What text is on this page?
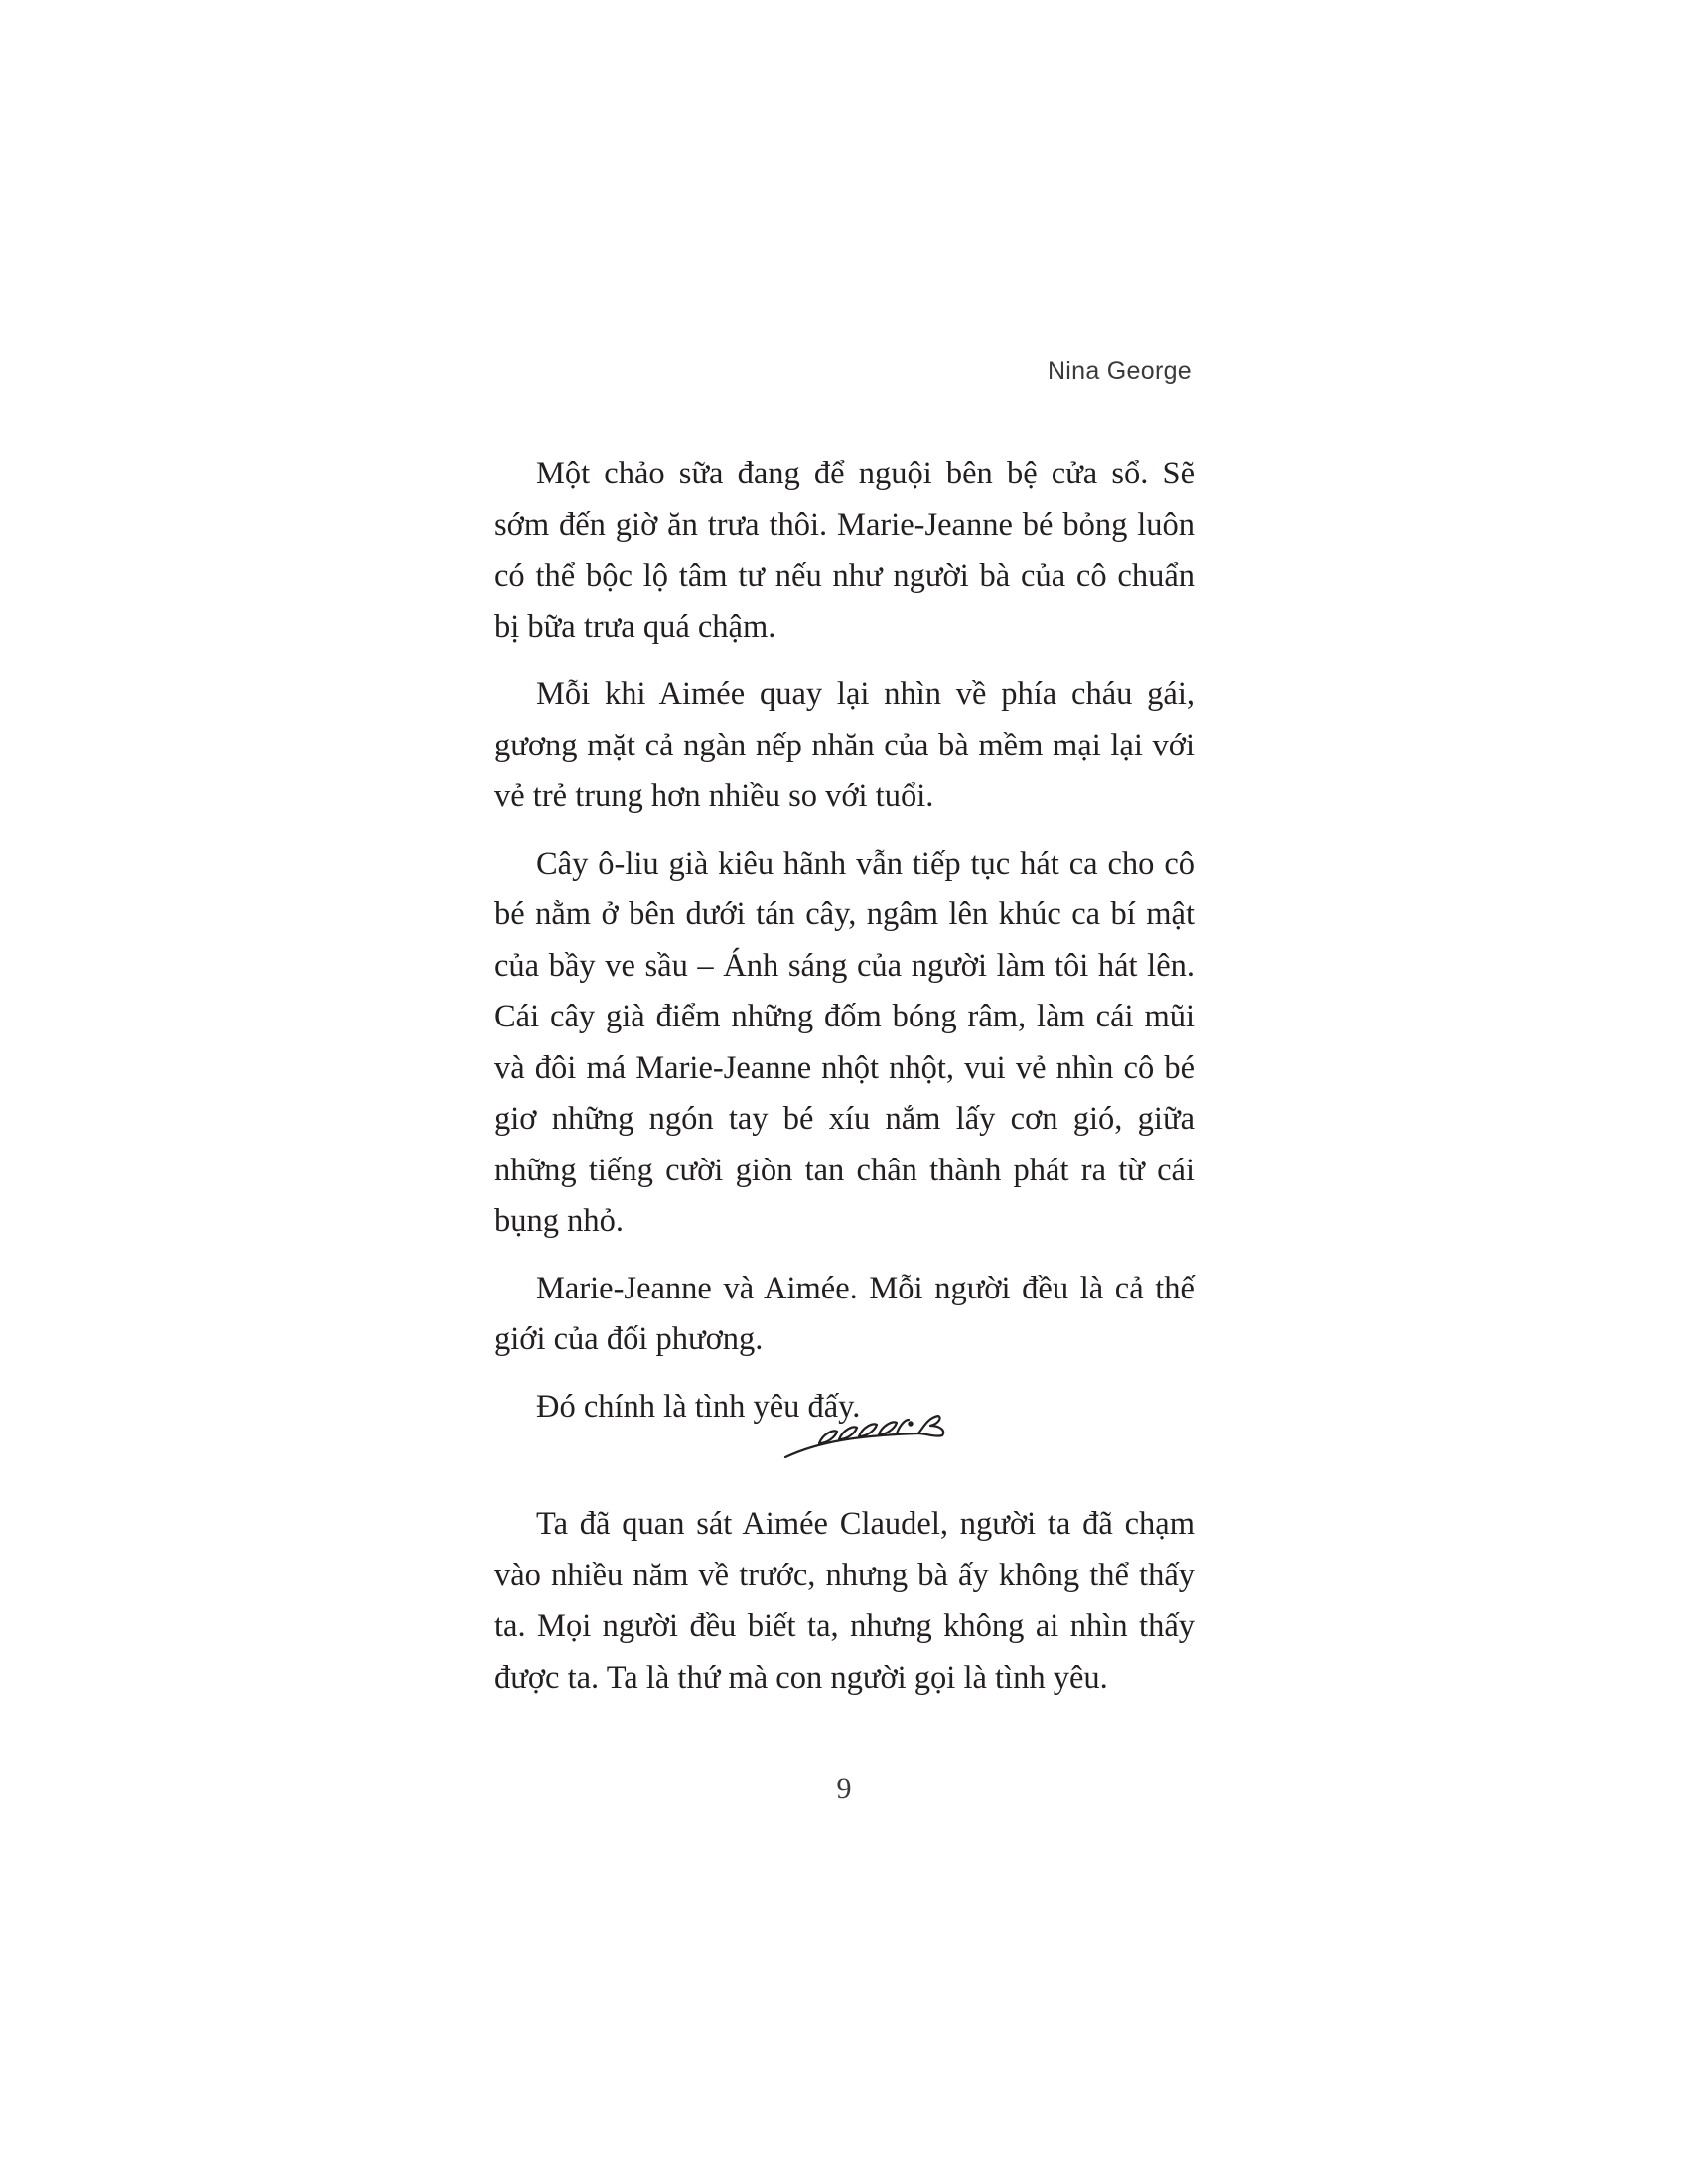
Nina George

Một chảo sữa đang để nguội bên bệ cửa sổ. Sẽ sớm đến giờ ăn trưa thôi. Marie-Jeanne bé bỏng luôn có thể bộc lộ tâm tư nếu như người bà của cô chuẩn bị bữa trưa quá chậm.

Mỗi khi Aimée quay lại nhìn về phía cháu gái, gương mặt cả ngàn nếp nhăn của bà mềm mại lại với vẻ trẻ trung hơn nhiều so với tuổi.

Cây ô-liu già kiêu hãnh vẫn tiếp tục hát ca cho cô bé nằm ở bên dưới tán cây, ngâm lên khúc ca bí mật của bầy ve sầu – Ánh sáng của người làm tôi hát lên. Cái cây già điểm những đốm bóng râm, làm cái mũi và đôi má Marie-Jeanne nhột nhột, vui vẻ nhìn cô bé giơ những ngón tay bé xíu nắm lấy cơn gió, giữa những tiếng cười giòn tan chân thành phát ra từ cái bụng nhỏ.

Marie-Jeanne và Aimée. Mỗi người đều là cả thế giới của đối phương.

Đó chính là tình yêu đấy.

Ta đã quan sát Aimée Claudel, người ta đã chạm vào nhiều năm về trước, nhưng bà ấy không thể thấy ta. Mọi người đều biết ta, nhưng không ai nhìn thấy được ta. Ta là thứ mà con người gọi là tình yêu.

9
